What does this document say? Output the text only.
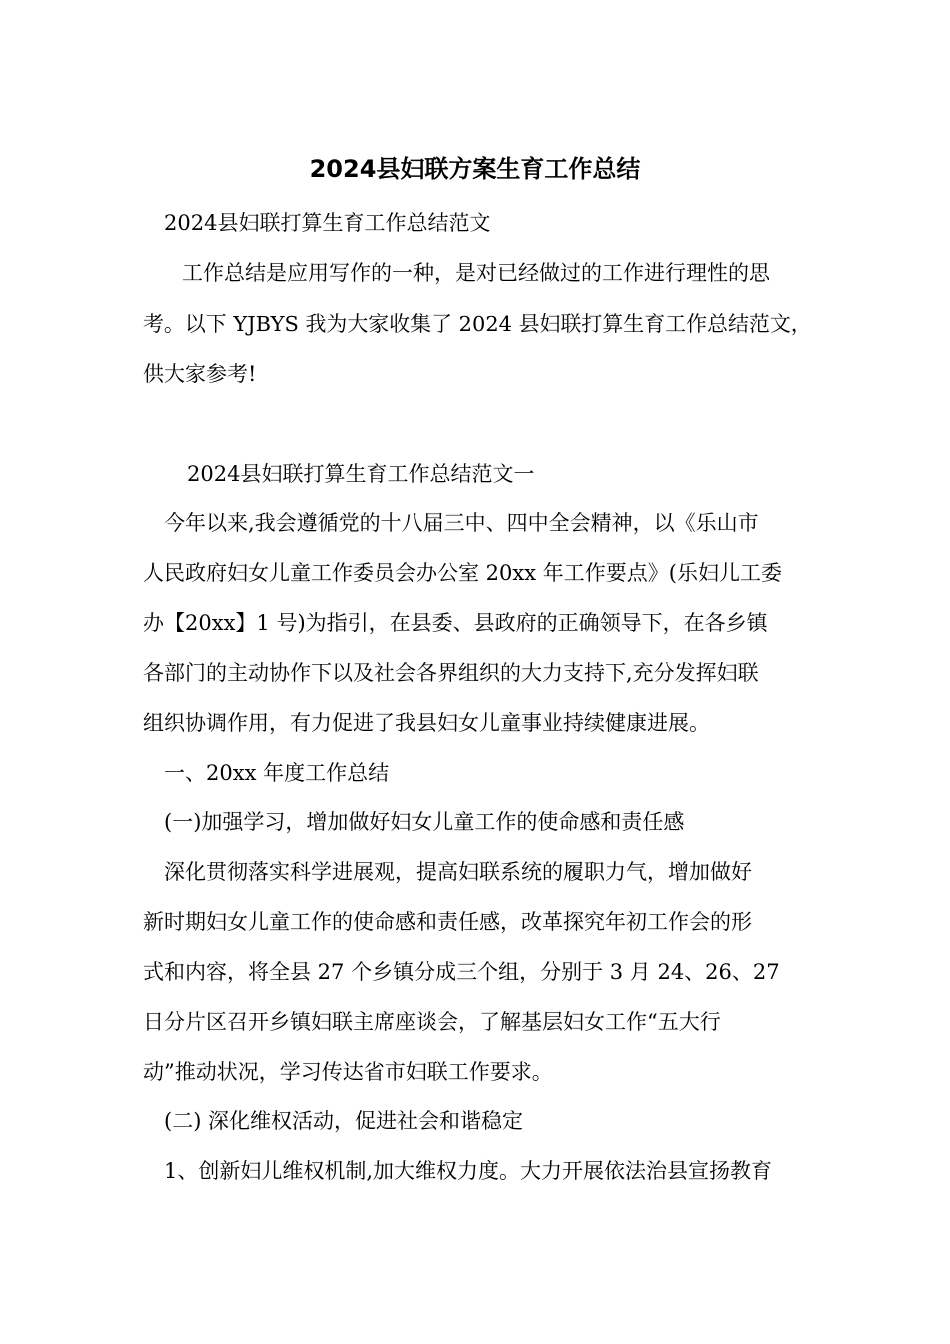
2024县妇联方案生育工作总结
2024县妇联打算生育工作总结范文
工作总结是应用写作的一种，是对已经做过的工作进行理性的思
考。以下 YJBYS 我为大家收集了 2024 县妇联打算生育工作总结范文，
供大家参考!
2024县妇联打算生育工作总结范文一
今年以来,我会遵循党的十八届三中、四中全会精神，以《乐山市
人民政府妇女儿童工作委员会办公室 20xx 年工作要点》(乐妇儿工委
办【20xx】1 号)为指引，在县委、县政府的正确领导下，在各乡镇
各部门的主动协作下以及社会各界组织的大力支持下,充分发挥妇联
组织协调作用，有力促进了我县妇女儿童事业持续健康进展。
一、20xx 年度工作总结
(一)加强学习，增加做好妇女儿童工作的使命感和责任感
深化贯彻落实科学进展观，提高妇联系统的履职力气，增加做好
新时期妇女儿童工作的使命感和责任感，改革探究年初工作会的形
式和内容，将全县 27 个乡镇分成三个组，分别于 3 月 24、26、27
日分片区召开乡镇妇联主席座谈会，了解基层妇女工作“五大行
动”推动状况，学习传达省市妇联工作要求。
(二) 深化维权活动，促进社会和谐稳定
1、创新妇儿维权机制,加大维权力度。大力开展依法治县宣扬教育
